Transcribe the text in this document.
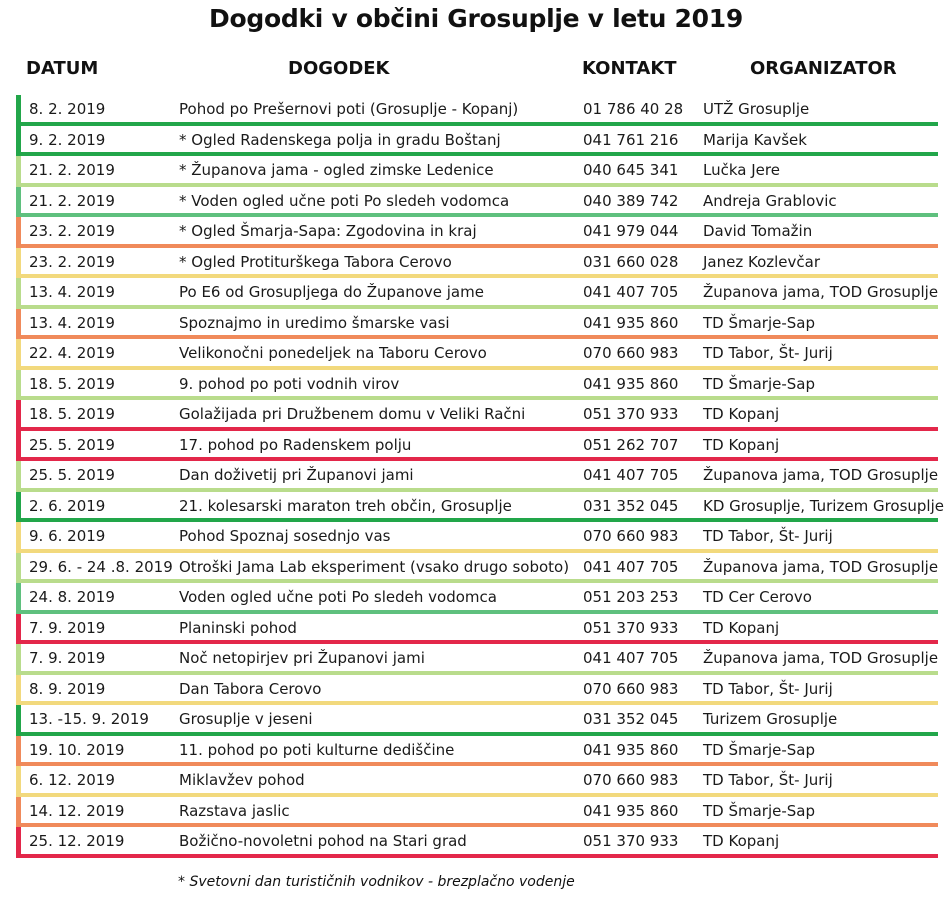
Dogodki v občini Grosuplje v letu 2019
DATUM	DOGODEK	KONTAKT	ORGANIZATOR
8. 2. 2019	Pohod po Prešernovi poti (Grosuplje - Kopanj)	01 786 40 28 UTŽ Grosuplje
9. 2. 2019	* Ogled Radenskega polja in gradu Boštanj	041 761 216 Marija Kavšek
21. 2. 2019	* Županova jama - ogled zimske Ledenice	040 645 341 Lučka Jere
21. 2. 2019	* Voden ogled učne poti Po sledeh vodomca	040 389 742 Andreja Grablovic
23. 2. 2019	* Ogled Šmarja-Sapa: Zgodovina in kraj	041 979 044 David Tomažin
23. 2. 2019	* Ogled Protiturškega Tabora Cerovo	031 660 028 Janez Kozlevčar
13. 4. 2019	Po E6 od Grosupljega do Županove jame	041 407 705 Županova jama, TOD Grosuplje
13. 4. 2019	Spoznajmo in uredimo šmarske vasi	041 935 860 TD Šmarje-Sap
22. 4. 2019	Velikonočni ponedeljek na Taboru Cerovo	070 660 983 TD Tabor, Št- Jurij
18. 5. 2019	9. pohod po poti vodnih virov	041 935 860 TD Šmarje-Sap
18. 5. 2019	Golažijada pri Družbenem domu v Veliki Račni	051 370 933 TD Kopanj
25. 5. 2019	17. pohod po Radenskem polju	051 262 707 TD Kopanj
25. 5. 2019	Dan doživetij pri Županovi jami	041 407 705 Županova jama, TOD Grosuplje
2. 6. 2019	21. kolesarski maraton treh občin, Grosuplje	031 352 045 KD Grosuplje, Turizem Grosuplje
9. 6. 2019	Pohod Spoznaj sosednjo vas	070 660 983 TD Tabor, Št- Jurij
29. 6. - 24 .8. 2019 Otroški Jama Lab eksperiment (vsako drugo soboto) 041 407 705 Županova jama, TOD Grosuplje
24. 8. 2019	Voden ogled učne poti Po sledeh vodomca	051 203 253 TD Cer Cerovo
7. 9. 2019	Planinski pohod	051 370 933 TD Kopanj
7. 9. 2019	Noč netopirjev pri Županovi jami	041 407 705 Županova jama, TOD Grosuplje
8. 9. 2019	Dan Tabora Cerovo	070 660 983 TD Tabor, Št- Jurij
13. -15. 9. 2019 Grosuplje v jeseni	031 352 045 Turizem Grosuplje
19. 10. 2019	11. pohod po poti kulturne dediščine	041 935 860 TD Šmarje-Sap
6. 12. 2019	Miklavžev pohod	070 660 983 TD Tabor, Št- Jurij
14. 12. 2019	Razstava jaslic	041 935 860 TD Šmarje-Sap
25. 12. 2019	Božično-novoletni pohod na Stari grad	051 370 933 TD Kopanj
* Svetovni dan turističnih vodnikov - brezplačno vodenje
